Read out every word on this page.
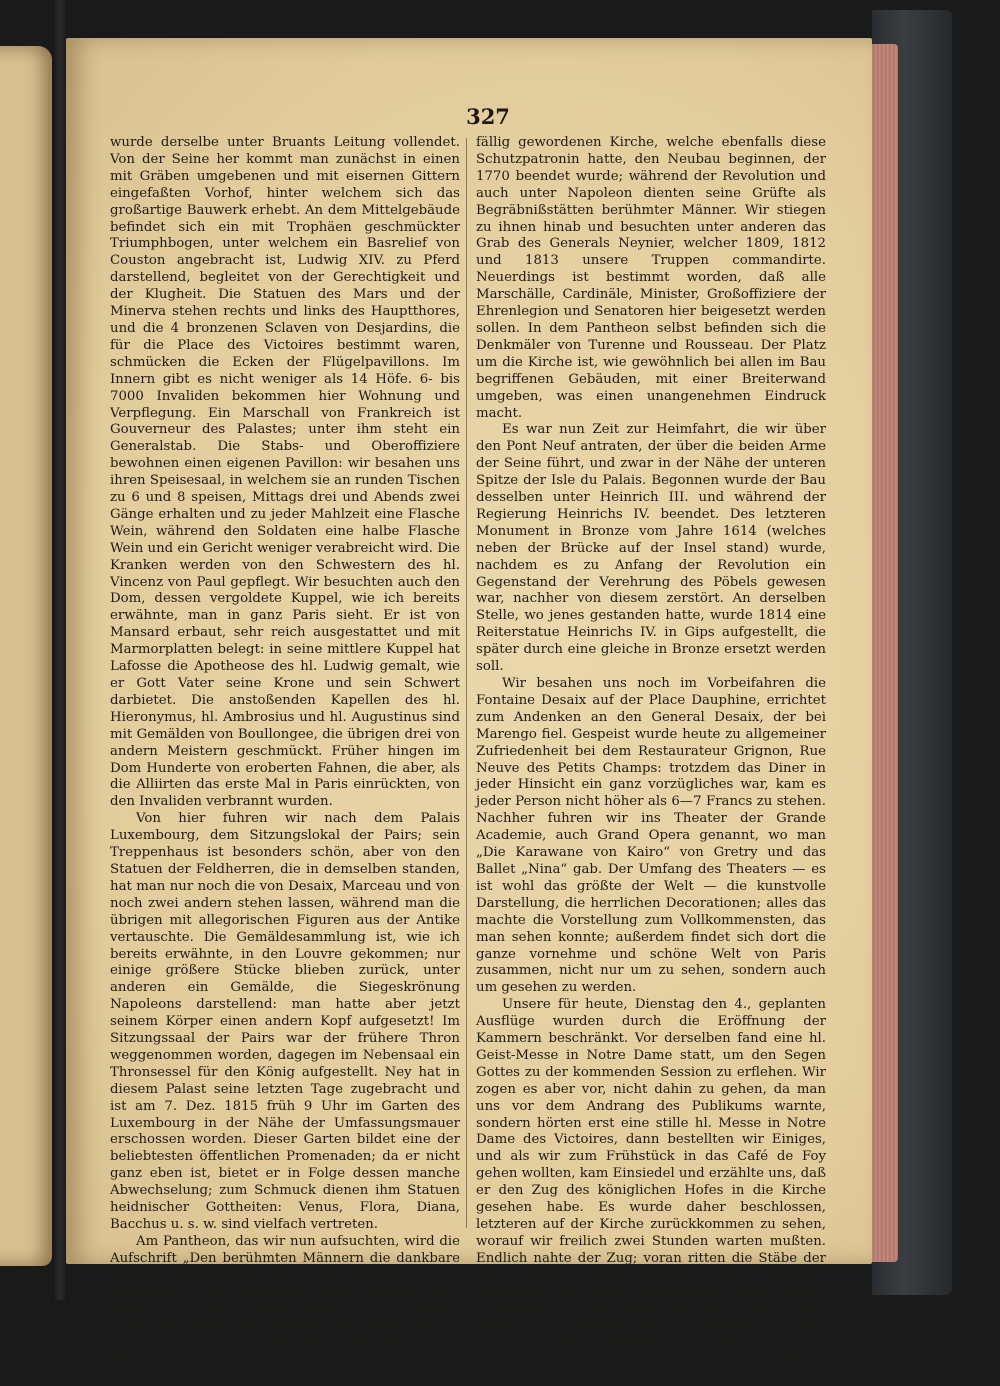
327

wurde derselbe unter Bruants Leitung vollendet. Von der Seine her kommt man zunächst in einen mit Gräben umgebenen und mit eisernen Gittern eingefaßten Vorhof, hinter welchem sich das großartige Bauwerk erhebt. An dem Mittelgebäude befindet sich ein mit Trophäen geschmückter Triumphbogen, unter welchem ein Basrelief von Couston angebracht ist, Ludwig XIV. zu Pferd darstellend, begleitet von der Gerechtigkeit und der Klugheit. Die Statuen des Mars und der Minerva stehen rechts und links des Hauptthores, und die 4 bronzenen Sclaven von Desjardins, die für die Place des Victoires bestimmt waren, schmücken die Ecken der Flügelpavillons. Im Innern gibt es nicht weniger als 14 Höfe. 6- bis 7000 Invaliden bekommen hier Wohnung und Verpflegung. Ein Marschall von Frankreich ist Gouverneur des Palastes; unter ihm steht ein Generalstab. Die Stabs- und Oberoffiziere bewohnen einen eigenen Pavillon: wir besahen uns ihren Speisesaal, in welchem sie an runden Tischen zu 6 und 8 speisen, Mittags drei und Abends zwei Gänge erhalten und zu jeder Mahlzeit eine Flasche Wein, während den Soldaten eine halbe Flasche Wein und ein Gericht weniger verabreicht wird. Die Kranken werden von den Schwestern des hl. Vincenz von Paul gepflegt. Wir besuchten auch den Dom, dessen vergoldete Kuppel, wie ich bereits erwähnte, man in ganz Paris sieht. Er ist von Mansard erbaut, sehr reich ausgestattet und mit Marmorplatten belegt: in seine mittlere Kuppel hat Lafosse die Apotheose des hl. Ludwig gemalt, wie er Gott Vater seine Krone und sein Schwert darbietet. Die anstoßenden Kapellen des hl. Hieronymus, hl. Ambrosius und hl. Augustinus sind mit Gemälden von Boullongee, die übrigen drei von andern Meistern geschmückt. Früher hingen im Dom Hunderte von eroberten Fahnen, die aber, als die Alliirten das erste Mal in Paris einrückten, von den Invaliden verbrannt wurden.

Von hier fuhren wir nach dem Palais Luxembourg, dem Sitzungslokal der Pairs; sein Treppenhaus ist besonders schön, aber von den Statuen der Feldherren, die in demselben standen, hat man nur noch die von Desaix, Marceau und von noch zwei andern stehen lassen, während man die übrigen mit allegorischen Figuren aus der Antike vertauschte. Die Gemäldesammlung ist, wie ich bereits erwähnte, in den Louvre gekommen; nur einige größere Stücke blieben zurück, unter anderen ein Gemälde, die Siegeskrönung Napoleons darstellend: man hatte aber jetzt seinem Körper einen andern Kopf aufgesetzt! Im Sitzungssaal der Pairs war der frühere Thron weggenommen worden, dagegen im Nebensaal ein Thronsessel für den König aufgestellt. Ney hat in diesem Palast seine letzten Tage zugebracht und ist am 7. Dez. 1815 früh 9 Uhr im Garten des Luxembourg in der Nähe der Umfassungsmauer erschossen worden. Dieser Garten bildet eine der beliebtesten öffentlichen Promenaden; da er nicht ganz eben ist, bietet er in Folge dessen manche Abwechselung; zum Schmuck dienen ihm Statuen heidnischer Gottheiten: Venus, Flora, Diana, Bacchus u. s. w. sind vielfach vertreten.

Am Pantheon, das wir nun aufsuchten, wird die Aufschrift „Den berühmten Männern die dankbare Nation“ ausgekratzt, um der früheren: „Ste. Geneviève“ Platz zu machen, da das Gebäude dem kirchlichen Cultus wiedergegeben und wie früher unter den Schutz der Patronin von Paris, der hl. Genoveva, gestellt werden soll. Ludwig XV. ließ an Stelle einer älteren, bau-

fällig gewordenen Kirche, welche ebenfalls diese Schutzpatronin hatte, den Neubau beginnen, der 1770 beendet wurde; während der Revolution und auch unter Napoleon dienten seine Grüfte als Begräbnißstätten berühmter Männer. Wir stiegen zu ihnen hinab und besuchten unter anderen das Grab des Generals Neynier, welcher 1809, 1812 und 1813 unsere Truppen commandirte. Neuerdings ist bestimmt worden, daß alle Marschälle, Cardinäle, Minister, Großoffiziere der Ehrenlegion und Senatoren hier beigesetzt werden sollen. In dem Pantheon selbst befinden sich die Denkmäler von Turenne und Rousseau. Der Platz um die Kirche ist, wie gewöhnlich bei allen im Bau begriffenen Gebäuden, mit einer Breiterwand umgeben, was einen unangenehmen Eindruck macht.

Es war nun Zeit zur Heimfahrt, die wir über den Pont Neuf antraten, der über die beiden Arme der Seine führt, und zwar in der Nähe der unteren Spitze der Isle du Palais. Begonnen wurde der Bau desselben unter Heinrich III. und während der Regierung Heinrichs IV. beendet. Des letzteren Monument in Bronze vom Jahre 1614 (welches neben der Brücke auf der Insel stand) wurde, nachdem es zu Anfang der Revolution ein Gegenstand der Verehrung des Pöbels gewesen war, nachher von diesem zerstört. An derselben Stelle, wo jenes gestanden hatte, wurde 1814 eine Reiterstatue Heinrichs IV. in Gips aufgestellt, die später durch eine gleiche in Bronze ersetzt werden soll.

Wir besahen uns noch im Vorbeifahren die Fontaine Desaix auf der Place Dauphine, errichtet zum Andenken an den General Desaix, der bei Marengo fiel. Gespeist wurde heute zu allgemeiner Zufriedenheit bei dem Restaurateur Grignon, Rue Neuve des Petits Champs: trotzdem das Diner in jeder Hinsicht ein ganz vorzügliches war, kam es jeder Person nicht höher als 6—7 Francs zu stehen. Nachher fuhren wir ins Theater der Grande Academie, auch Grand Opera genannt, wo man „Die Karawane von Kairo“ von Gretry und das Ballet „Nina“ gab. Der Umfang des Theaters — es ist wohl das größte der Welt — die kunstvolle Darstellung, die herrlichen Decorationen; alles das machte die Vorstellung zum Vollkommensten, das man sehen konnte; außerdem findet sich dort die ganze vornehme und schöne Welt von Paris zusammen, nicht nur um zu sehen, sondern auch um gesehen zu werden.

Unsere für heute, Dienstag den 4., geplanten Ausflüge wurden durch die Eröffnung der Kammern beschränkt. Vor derselben fand eine hl. Geist-Messe in Notre Dame statt, um den Segen Gottes zu der kommenden Session zu erflehen. Wir zogen es aber vor, nicht dahin zu gehen, da man uns vor dem Andrang des Publikums warnte, sondern hörten erst eine stille hl. Messe in Notre Dame des Victoires, dann bestellten wir Einiges, und als wir zum Frühstück in das Café de Foy gehen wollten, kam Einsiedel und erzählte uns, daß er den Zug des königlichen Hofes in die Kirche gesehen habe. Es wurde daher beschlossen, letzteren auf der Kirche zurückkommen zu sehen, worauf wir freilich zwei Stunden warten mußten. Endlich nahte der Zug; voran ritten die Stäbe der kgl. Garden, dann kamen viele 8spännige Galawagen, in welchen Hofchargen saßen, hierauf 4 Herolde und hinter diesen die Wagen mit der kgl. Familie. Die Equipagen waren prachtvoll und sollen (wie uns der Lohnbediente erzählte) bei der Vermählungsfeier Marie Louisens Verwendung gefunden
